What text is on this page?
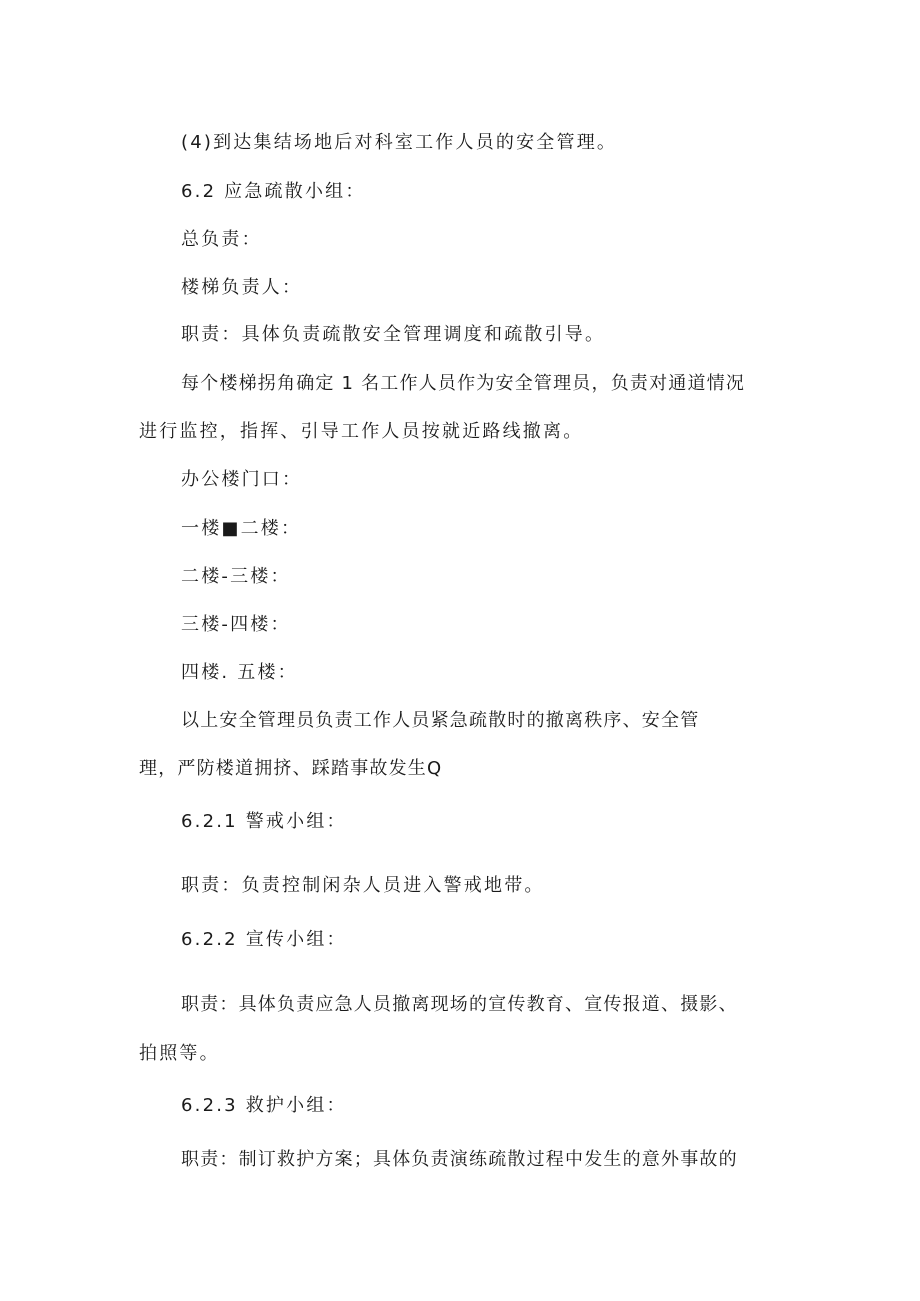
(4)到达集结场地后对科室工作人员的安全管理。

6.2 应急疏散小组：

总负责：

楼梯负责人：

职责：具体负责疏散安全管理调度和疏散引导。

每个楼梯拐角确定 1 名工作人员作为安全管理员，负责对通道情况

进行监控，指挥、引导工作人员按就近路线撤离。

办公楼门口：

一楼■二楼：

二楼-三楼：

三楼-四楼：

四楼. 五楼：

以上安全管理员负责工作人员紧急疏散时的撤离秩序、安全管

理，严防楼道拥挤、踩踏事故发生Q

6.2.1 警戒小组：

职责：负责控制闲杂人员进入警戒地带。

6.2.2 宣传小组：

职责：具体负责应急人员撤离现场的宣传教育、宣传报道、摄影、

拍照等。

6.2.3 救护小组：

职责：制订救护方案；具体负责演练疏散过程中发生的意外事故的
